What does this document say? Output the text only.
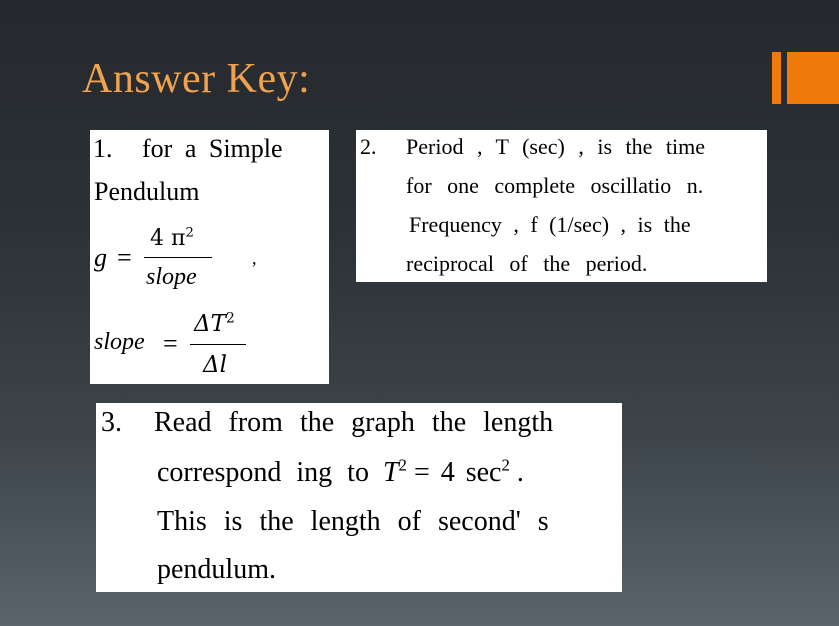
Answer Key:
1. for a Simple
Pendulum
g =
4 $\pi^2$
slope
,
slope =
$\Delta T^2$
Δl
2. Period , T (sec) , is the time
for one complete oscillatio n.
Frequency , f (1/sec) , is the
reciprocal of the period.
3. Read from the graph the length
correspond ing to $T^2 = 4$ $\sec^2$ .
This is the length of second' s
pendulum.
